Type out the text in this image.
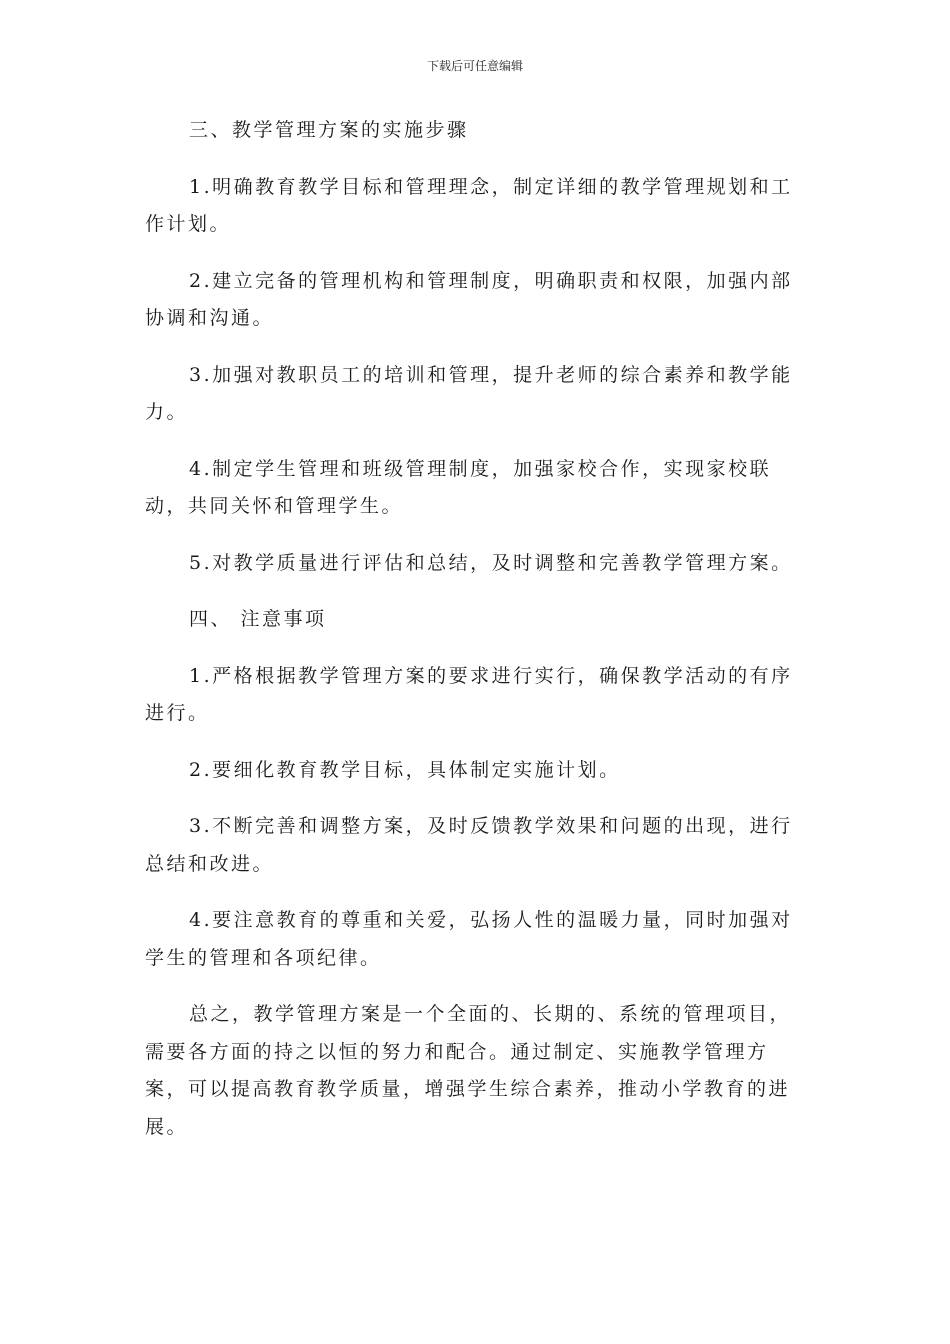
下载后可任意编辑

三、教学管理方案的实施步骤

1.明确教育教学目标和管理理念，制定详细的教学管理规划和工作计划。

2.建立完备的管理机构和管理制度，明确职责和权限，加强内部协调和沟通。

3.加强对教职员工的培训和管理，提升老师的综合素养和教学能力。

4.制定学生管理和班级管理制度，加强家校合作，实现家校联动，共同关怀和管理学生。

5.对教学质量进行评估和总结，及时调整和完善教学管理方案。

四、 注意事项

1.严格根据教学管理方案的要求进行实行，确保教学活动的有序进行。

2.要细化教育教学目标，具体制定实施计划。

3.不断完善和调整方案，及时反馈教学效果和问题的出现，进行总结和改进。

4.要注意教育的尊重和关爱，弘扬人性的温暖力量，同时加强对学生的管理和各项纪律。

总之，教学管理方案是一个全面的、长期的、系统的管理项目，需要各方面的持之以恒的努力和配合。通过制定、实施教学管理方案，可以提高教育教学质量，增强学生综合素养，推动小学教育的进展。
